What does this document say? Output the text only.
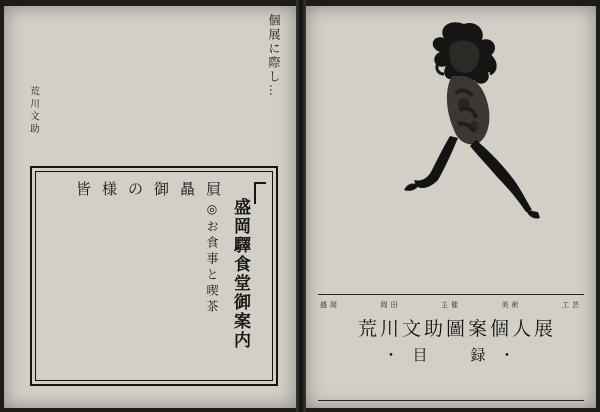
個展に際し…
荒川文助
皆様の御贔屓
盛岡驛食堂御案内
◎お食事と喫茶	盛岡	岡田	主催	美術	工芸
荒川文助圖案個人展
・目　録・
